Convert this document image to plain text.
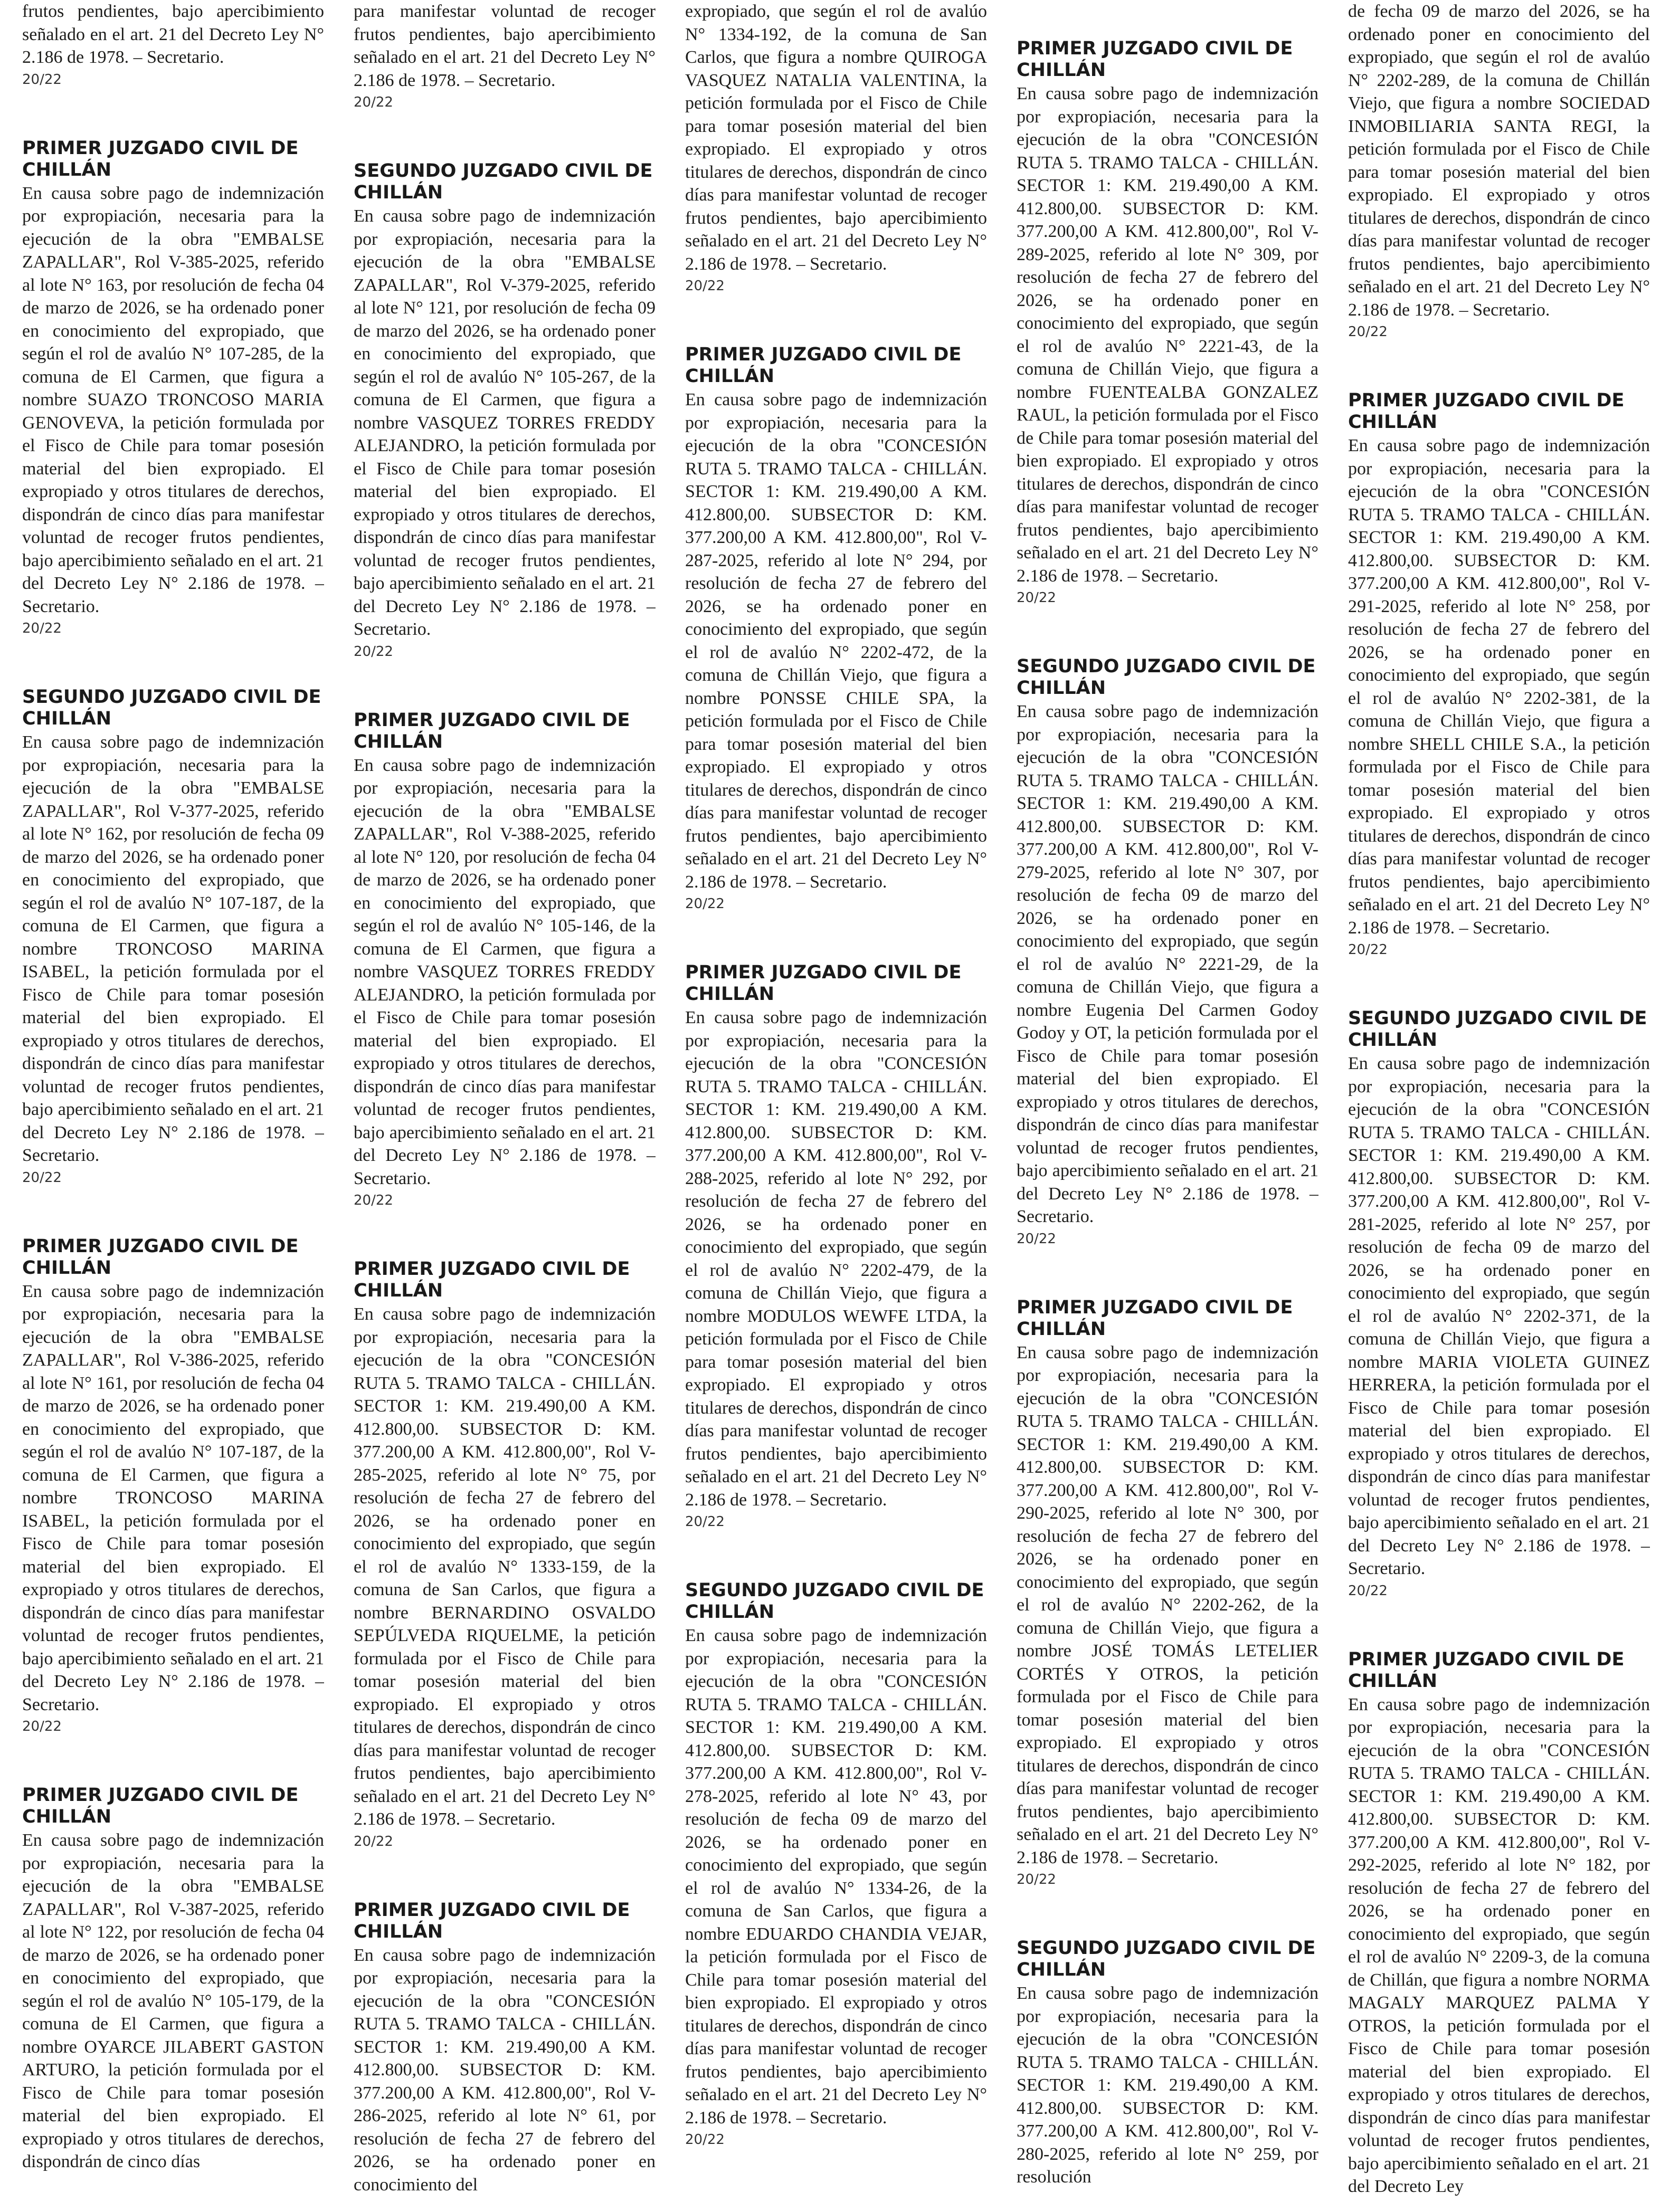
frutos pendientes, bajo apercibimiento señalado en el art. 21 del Decreto Ley N° 2.186 de 1978. – Secretario.

20/22
PRIMER JUZGADO CIVIL DE CHILLÁN

En causa sobre pago de indemnización por expropiación, necesaria para la ejecución de la obra "EMBALSE ZAPALLAR", Rol V-385-2025, referido al lote N° 163, por resolución de fecha 04 de marzo de 2026, se ha ordenado poner en conocimiento del expropiado, que según el rol de avalúo N° 107-285, de la comuna de El Carmen, que figura a nombre SUAZO TRONCOSO MARIA GENOVEVA, la petición formulada por el Fisco de Chile para tomar posesión material del bien expropiado. El expropiado y otros titulares de derechos, dispondrán de cinco días para manifestar voluntad de recoger frutos pendientes, bajo apercibimiento señalado en el art. 21 del Decreto Ley N° 2.186 de 1978. – Secretario.

20/22
SEGUNDO JUZGADO CIVIL DE CHILLÁN

En causa sobre pago de indemnización por expropiación, necesaria para la ejecución de la obra "EMBALSE ZAPALLAR", Rol V-377-2025, referido al lote N° 162, por resolución de fecha 09 de marzo del 2026, se ha ordenado poner en conocimiento del expropiado, que según el rol de avalúo N° 107-187, de la comuna de El Carmen, que figura a nombre TRONCOSO MARINA ISABEL, la petición formulada por el Fisco de Chile para tomar posesión material del bien expropiado. El expropiado y otros titulares de derechos, dispondrán de cinco días para manifestar voluntad de recoger frutos pendientes, bajo apercibimiento señalado en el art. 21 del Decreto Ley N° 2.186 de 1978. – Secretario.

20/22
PRIMER JUZGADO CIVIL DE CHILLÁN

En causa sobre pago de indemnización por expropiación, necesaria para la ejecución de la obra "EMBALSE ZAPALLAR", Rol V-386-2025, referido al lote N° 161, por resolución de fecha 04 de marzo de 2026, se ha ordenado poner en conocimiento del expropiado, que según el rol de avalúo N° 107-187, de la comuna de El Carmen, que figura a nombre TRONCOSO MARINA ISABEL, la petición formulada por el Fisco de Chile para tomar posesión material del bien expropiado. El expropiado y otros titulares de derechos, dispondrán de cinco días para manifestar voluntad de recoger frutos pendientes, bajo apercibimiento señalado en el art. 21 del Decreto Ley N° 2.186 de 1978. – Secretario.

20/22
PRIMER JUZGADO CIVIL DE CHILLÁN

En causa sobre pago de indemnización por expropiación, necesaria para la ejecución de la obra "EMBALSE ZAPALLAR", Rol V-387-2025, referido al lote N° 122, por resolución de fecha 04 de marzo de 2026, se ha ordenado poner en conocimiento del expropiado, que según el rol de avalúo N° 105-179, de la comuna de El Carmen, que figura a nombre OYARCE JILABERT GASTON ARTURO, la petición formulada por el Fisco de Chile para tomar posesión material del bien expropiado. El expropiado y otros titulares de derechos, dispondrán de cinco días

para manifestar voluntad de recoger frutos pendientes, bajo apercibimiento señalado en el art. 21 del Decreto Ley N° 2.186 de 1978. – Secretario.

20/22
SEGUNDO JUZGADO CIVIL DE CHILLÁN

En causa sobre pago de indemnización por expropiación, necesaria para la ejecución de la obra "EMBALSE ZAPALLAR", Rol V-379-2025, referido al lote N° 121, por resolución de fecha 09 de marzo del 2026, se ha ordenado poner en conocimiento del expropiado, que según el rol de avalúo N° 105-267, de la comuna de El Carmen, que figura a nombre VASQUEZ TORRES FREDDY ALEJANDRO, la petición formulada por el Fisco de Chile para tomar posesión material del bien expropiado. El expropiado y otros titulares de derechos, dispondrán de cinco días para manifestar voluntad de recoger frutos pendientes, bajo apercibimiento señalado en el art. 21 del Decreto Ley N° 2.186 de 1978. – Secretario.

20/22
PRIMER JUZGADO CIVIL DE CHILLÁN

En causa sobre pago de indemnización por expropiación, necesaria para la ejecución de la obra "EMBALSE ZAPALLAR", Rol V-388-2025, referido al lote N° 120, por resolución de fecha 04 de marzo de 2026, se ha ordenado poner en conocimiento del expropiado, que según el rol de avalúo N° 105-146, de la comuna de El Carmen, que figura a nombre VASQUEZ TORRES FREDDY ALEJANDRO, la petición formulada por el Fisco de Chile para tomar posesión material del bien expropiado. El expropiado y otros titulares de derechos, dispondrán de cinco días para manifestar voluntad de recoger frutos pendientes, bajo apercibimiento señalado en el art. 21 del Decreto Ley N° 2.186 de 1978. – Secretario.

20/22
PRIMER JUZGADO CIVIL DE CHILLÁN

En causa sobre pago de indemnización por expropiación, necesaria para la ejecución de la obra "CONCESIÓN RUTA 5. TRAMO TALCA - CHILLÁN. SECTOR 1: KM. 219.490,00 A KM. 412.800,00. SUBSECTOR D: KM. 377.200,00 A KM. 412.800,00", Rol V-285-2025, referido al lote N° 75, por resolución de fecha 27 de febrero del 2026, se ha ordenado poner en conocimiento del expropiado, que según el rol de avalúo N° 1333-159, de la comuna de San Carlos, que figura a nombre BERNARDINO OSVALDO SEPÚLVEDA RIQUELME, la petición formulada por el Fisco de Chile para tomar posesión material del bien expropiado. El expropiado y otros titulares de derechos, dispondrán de cinco días para manifestar voluntad de recoger frutos pendientes, bajo apercibimiento señalado en el art. 21 del Decreto Ley N° 2.186 de 1978. – Secretario.

20/22
PRIMER JUZGADO CIVIL DE CHILLÁN

En causa sobre pago de indemnización por expropiación, necesaria para la ejecución de la obra "CONCESIÓN RUTA 5. TRAMO TALCA - CHILLÁN. SECTOR 1: KM. 219.490,00 A KM. 412.800,00. SUBSECTOR D: KM. 377.200,00 A KM. 412.800,00", Rol V-286-2025, referido al lote N° 61, por resolución de fecha 27 de febrero del 2026, se ha ordenado poner en conocimiento del

expropiado, que según el rol de avalúo N° 1334-192, de la comuna de San Carlos, que figura a nombre QUIROGA VASQUEZ NATALIA VALENTINA, la petición formulada por el Fisco de Chile para tomar posesión material del bien expropiado. El expropiado y otros titulares de derechos, dispondrán de cinco días para manifestar voluntad de recoger frutos pendientes, bajo apercibimiento señalado en el art. 21 del Decreto Ley N° 2.186 de 1978. – Secretario.

20/22
PRIMER JUZGADO CIVIL DE CHILLÁN

En causa sobre pago de indemnización por expropiación, necesaria para la ejecución de la obra "CONCESIÓN RUTA 5. TRAMO TALCA - CHILLÁN. SECTOR 1: KM. 219.490,00 A KM. 412.800,00. SUBSECTOR D: KM. 377.200,00 A KM. 412.800,00", Rol V-287-2025, referido al lote N° 294, por resolución de fecha 27 de febrero del 2026, se ha ordenado poner en conocimiento del expropiado, que según el rol de avalúo N° 2202-472, de la comuna de Chillán Viejo, que figura a nombre PONSSE CHILE SPA, la petición formulada por el Fisco de Chile para tomar posesión material del bien expropiado. El expropiado y otros titulares de derechos, dispondrán de cinco días para manifestar voluntad de recoger frutos pendientes, bajo apercibimiento señalado en el art. 21 del Decreto Ley N° 2.186 de 1978. – Secretario.

20/22
PRIMER JUZGADO CIVIL DE CHILLÁN

En causa sobre pago de indemnización por expropiación, necesaria para la ejecución de la obra "CONCESIÓN RUTA 5. TRAMO TALCA - CHILLÁN. SECTOR 1: KM. 219.490,00 A KM. 412.800,00. SUBSECTOR D: KM. 377.200,00 A KM. 412.800,00", Rol V-288-2025, referido al lote N° 292, por resolución de fecha 27 de febrero del 2026, se ha ordenado poner en conocimiento del expropiado, que según el rol de avalúo N° 2202-479, de la comuna de Chillán Viejo, que figura a nombre MODULOS WEWFE LTDA, la petición formulada por el Fisco de Chile para tomar posesión material del bien expropiado. El expropiado y otros titulares de derechos, dispondrán de cinco días para manifestar voluntad de recoger frutos pendientes, bajo apercibimiento señalado en el art. 21 del Decreto Ley N° 2.186 de 1978. – Secretario.

20/22
SEGUNDO JUZGADO CIVIL DE CHILLÁN

En causa sobre pago de indemnización por expropiación, necesaria para la ejecución de la obra "CONCESIÓN RUTA 5. TRAMO TALCA - CHILLÁN. SECTOR 1: KM. 219.490,00 A KM. 412.800,00. SUBSECTOR D: KM. 377.200,00 A KM. 412.800,00", Rol V-278-2025, referido al lote N° 43, por resolución de fecha 09 de marzo del 2026, se ha ordenado poner en conocimiento del expropiado, que según el rol de avalúo N° 1334-26, de la comuna de San Carlos, que figura a nombre EDUARDO CHANDIA VEJAR, la petición formulada por el Fisco de Chile para tomar posesión material del bien expropiado. El expropiado y otros titulares de derechos, dispondrán de cinco días para manifestar voluntad de recoger frutos pendientes, bajo apercibimiento señalado en el art. 21 del Decreto Ley N° 2.186 de 1978. – Secretario.

20/22
PRIMER JUZGADO CIVIL DE CHILLÁN

En causa sobre pago de indemnización por expropiación, necesaria para la ejecución de la obra "CONCESIÓN RUTA 5. TRAMO TALCA - CHILLÁN. SECTOR 1: KM. 219.490,00 A KM. 412.800,00. SUBSECTOR D: KM. 377.200,00 A KM. 412.800,00", Rol V-289-2025, referido al lote N° 309, por resolución de fecha 27 de febrero del 2026, se ha ordenado poner en conocimiento del expropiado, que según el rol de avalúo N° 2221-43, de la comuna de Chillán Viejo, que figura a nombre FUENTEALBA GONZALEZ RAUL, la petición formulada por el Fisco de Chile para tomar posesión material del bien expropiado. El expropiado y otros titulares de derechos, dispondrán de cinco días para manifestar voluntad de recoger frutos pendientes, bajo apercibimiento señalado en el art. 21 del Decreto Ley N° 2.186 de 1978. – Secretario.

20/22
SEGUNDO JUZGADO CIVIL DE CHILLÁN

En causa sobre pago de indemnización por expropiación, necesaria para la ejecución de la obra "CONCESIÓN RUTA 5. TRAMO TALCA - CHILLÁN. SECTOR 1: KM. 219.490,00 A KM. 412.800,00. SUBSECTOR D: KM. 377.200,00 A KM. 412.800,00", Rol V-279-2025, referido al lote N° 307, por resolución de fecha 09 de marzo del 2026, se ha ordenado poner en conocimiento del expropiado, que según el rol de avalúo N° 2221-29, de la comuna de Chillán Viejo, que figura a nombre Eugenia Del Carmen Godoy Godoy y OT, la petición formulada por el Fisco de Chile para tomar posesión material del bien expropiado. El expropiado y otros titulares de derechos, dispondrán de cinco días para manifestar voluntad de recoger frutos pendientes, bajo apercibimiento señalado en el art. 21 del Decreto Ley N° 2.186 de 1978. – Secretario.

20/22
PRIMER JUZGADO CIVIL DE CHILLÁN

En causa sobre pago de indemnización por expropiación, necesaria para la ejecución de la obra "CONCESIÓN RUTA 5. TRAMO TALCA - CHILLÁN. SECTOR 1: KM. 219.490,00 A KM. 412.800,00. SUBSECTOR D: KM. 377.200,00 A KM. 412.800,00", Rol V-290-2025, referido al lote N° 300, por resolución de fecha 27 de febrero del 2026, se ha ordenado poner en conocimiento del expropiado, que según el rol de avalúo N° 2202-262, de la comuna de Chillán Viejo, que figura a nombre JOSÉ TOMÁS LETELIER CORTÉS Y OTROS, la petición formulada por el Fisco de Chile para tomar posesión material del bien expropiado. El expropiado y otros titulares de derechos, dispondrán de cinco días para manifestar voluntad de recoger frutos pendientes, bajo apercibimiento señalado en el art. 21 del Decreto Ley N° 2.186 de 1978. – Secretario.

20/22
SEGUNDO JUZGADO CIVIL DE CHILLÁN

En causa sobre pago de indemnización por expropiación, necesaria para la ejecución de la obra "CONCESIÓN RUTA 5. TRAMO TALCA - CHILLÁN. SECTOR 1: KM. 219.490,00 A KM. 412.800,00. SUBSECTOR D: KM. 377.200,00 A KM. 412.800,00", Rol V-280-2025, referido al lote N° 259, por resolución

de fecha 09 de marzo del 2026, se ha ordenado poner en conocimiento del expropiado, que según el rol de avalúo N° 2202-289, de la comuna de Chillán Viejo, que figura a nombre SOCIEDAD INMOBILIARIA SANTA REGI, la petición formulada por el Fisco de Chile para tomar posesión material del bien expropiado. El expropiado y otros titulares de derechos, dispondrán de cinco días para manifestar voluntad de recoger frutos pendientes, bajo apercibimiento señalado en el art. 21 del Decreto Ley N° 2.186 de 1978. – Secretario.

20/22
PRIMER JUZGADO CIVIL DE CHILLÁN

En causa sobre pago de indemnización por expropiación, necesaria para la ejecución de la obra "CONCESIÓN RUTA 5. TRAMO TALCA - CHILLÁN. SECTOR 1: KM. 219.490,00 A KM. 412.800,00. SUBSECTOR D: KM. 377.200,00 A KM. 412.800,00", Rol V-291-2025, referido al lote N° 258, por resolución de fecha 27 de febrero del 2026, se ha ordenado poner en conocimiento del expropiado, que según el rol de avalúo N° 2202-381, de la comuna de Chillán Viejo, que figura a nombre SHELL CHILE S.A., la petición formulada por el Fisco de Chile para tomar posesión material del bien expropiado. El expropiado y otros titulares de derechos, dispondrán de cinco días para manifestar voluntad de recoger frutos pendientes, bajo apercibimiento señalado en el art. 21 del Decreto Ley N° 2.186 de 1978. – Secretario.

20/22
SEGUNDO JUZGADO CIVIL DE CHILLÁN

En causa sobre pago de indemnización por expropiación, necesaria para la ejecución de la obra "CONCESIÓN RUTA 5. TRAMO TALCA - CHILLÁN. SECTOR 1: KM. 219.490,00 A KM. 412.800,00. SUBSECTOR D: KM. 377.200,00 A KM. 412.800,00", Rol V-281-2025, referido al lote N° 257, por resolución de fecha 09 de marzo del 2026, se ha ordenado poner en conocimiento del expropiado, que según el rol de avalúo N° 2202-371, de la comuna de Chillán Viejo, que figura a nombre MARIA VIOLETA GUINEZ HERRERA, la petición formulada por el Fisco de Chile para tomar posesión material del bien expropiado. El expropiado y otros titulares de derechos, dispondrán de cinco días para manifestar voluntad de recoger frutos pendientes, bajo apercibimiento señalado en el art. 21 del Decreto Ley N° 2.186 de 1978. – Secretario.

20/22
PRIMER JUZGADO CIVIL DE CHILLÁN

En causa sobre pago de indemnización por expropiación, necesaria para la ejecución de la obra "CONCESIÓN RUTA 5. TRAMO TALCA - CHILLÁN. SECTOR 1: KM. 219.490,00 A KM. 412.800,00. SUBSECTOR D: KM. 377.200,00 A KM. 412.800,00", Rol V-292-2025, referido al lote N° 182, por resolución de fecha 27 de febrero del 2026, se ha ordenado poner en conocimiento del expropiado, que según el rol de avalúo N° 2209-3, de la comuna de Chillán, que figura a nombre NORMA MAGALY MARQUEZ PALMA Y OTROS, la petición formulada por el Fisco de Chile para tomar posesión material del bien expropiado. El expropiado y otros titulares de derechos, dispondrán de cinco días para manifestar voluntad de recoger frutos pendientes, bajo apercibimiento señalado en el art. 21 del Decreto Ley
